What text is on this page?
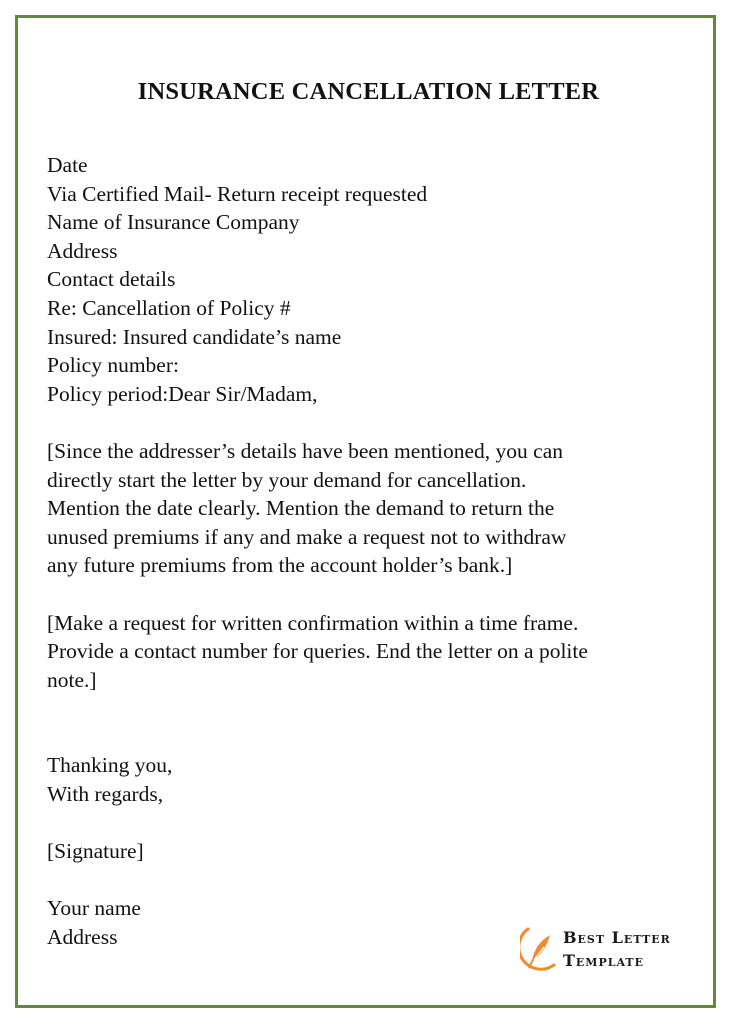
INSURANCE CANCELLATION LETTER
Date
Via Certified Mail- Return receipt requested
Name of Insurance Company
Address
Contact details
Re: Cancellation of Policy #
Insured: Insured candidate’s name
Policy number:
Policy period:Dear Sir/Madam,
[Since the addresser’s details have been mentioned, you can
directly start the letter by your demand for cancellation.
Mention the date clearly. Mention the demand to return the
unused premiums if any and make a request not to withdraw
any future premiums from the account holder’s bank.]
[Make a request for written confirmation within a time frame.
Provide a contact number for queries. End the letter on a polite
note.]
Thanking you,
With regards,
[Signature]
Your name
Address	Best Letter
Template
